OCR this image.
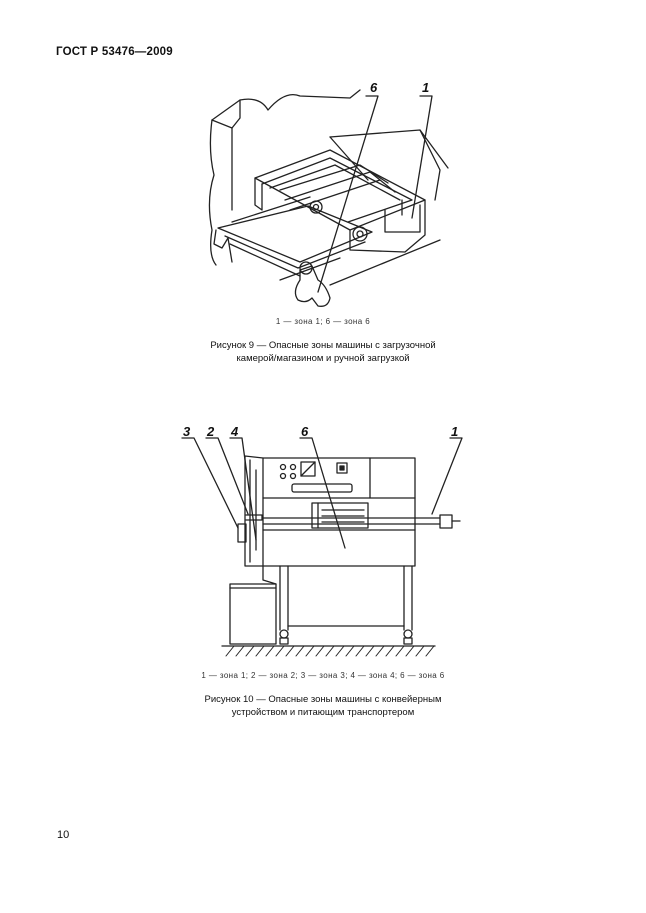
ГОСТ Р 53476—2009
6	1
1 — зона 1; 6 — зона 6
Рисунок 9 — Опасные зоны машины с загрузочной
камерой/магазином и ручной загрузкой
3 2 4	6	1
1 — зона 1; 2 — зона 2; 3 — зона 3; 4 — зона 4; 6 — зона 6
Рисунок 10 — Опасные зоны машины с конвейерным
устройством и питающим транспортером
10
